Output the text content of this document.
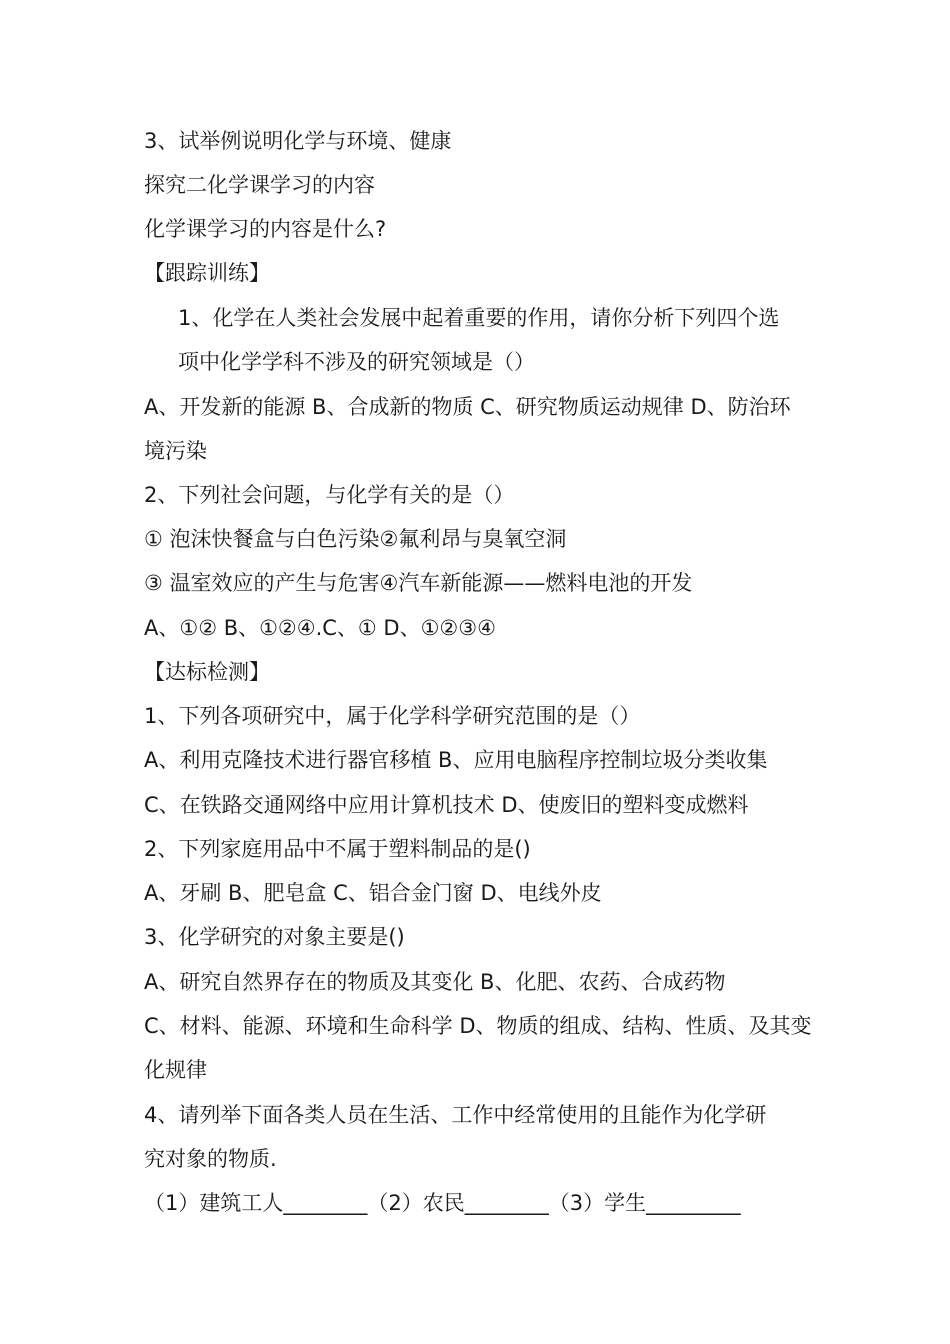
3、试举例说明化学与环境、健康
探究二化学课学习的内容
化学课学习的内容是什么?
【跟踪训练】
1、化学在人类社会发展中起着重要的作用，请你分析下列四个选
项中化学学科不涉及的研究领域是（）
A、开发新的能源 B、合成新的物质 C、研究物质运动规律 D、防治环
境污染
2、下列社会问题，与化学有关的是（）
① 泡沫快餐盒与白色污染②氟利昂与臭氧空洞
③ 温室效应的产生与危害④汽车新能源——燃料电池的开发
A、①② B、①②④.C、① D、①②③④
【达标检测】
1、下列各项研究中，属于化学科学研究范围的是（）
A、利用克隆技术进行器官移植 B、应用电脑程序控制垃圾分类收集
C、在铁路交通网络中应用计算机技术 D、使废旧的塑料变成燃料
2、下列家庭用品中不属于塑料制品的是()
A、牙刷 B、肥皂盒 C、铝合金门窗 D、电线外皮
3、化学研究的对象主要是()
A、研究自然界存在的物质及其变化 B、化肥、农药、合成药物
C、材料、能源、环境和生命科学 D、物质的组成、结构、性质、及其变
化规律
4、请列举下面各类人员在生活、工作中经常使用的且能作为化学研
究对象的物质.
（1）建筑工人________（2）农民________（3）学生_________
